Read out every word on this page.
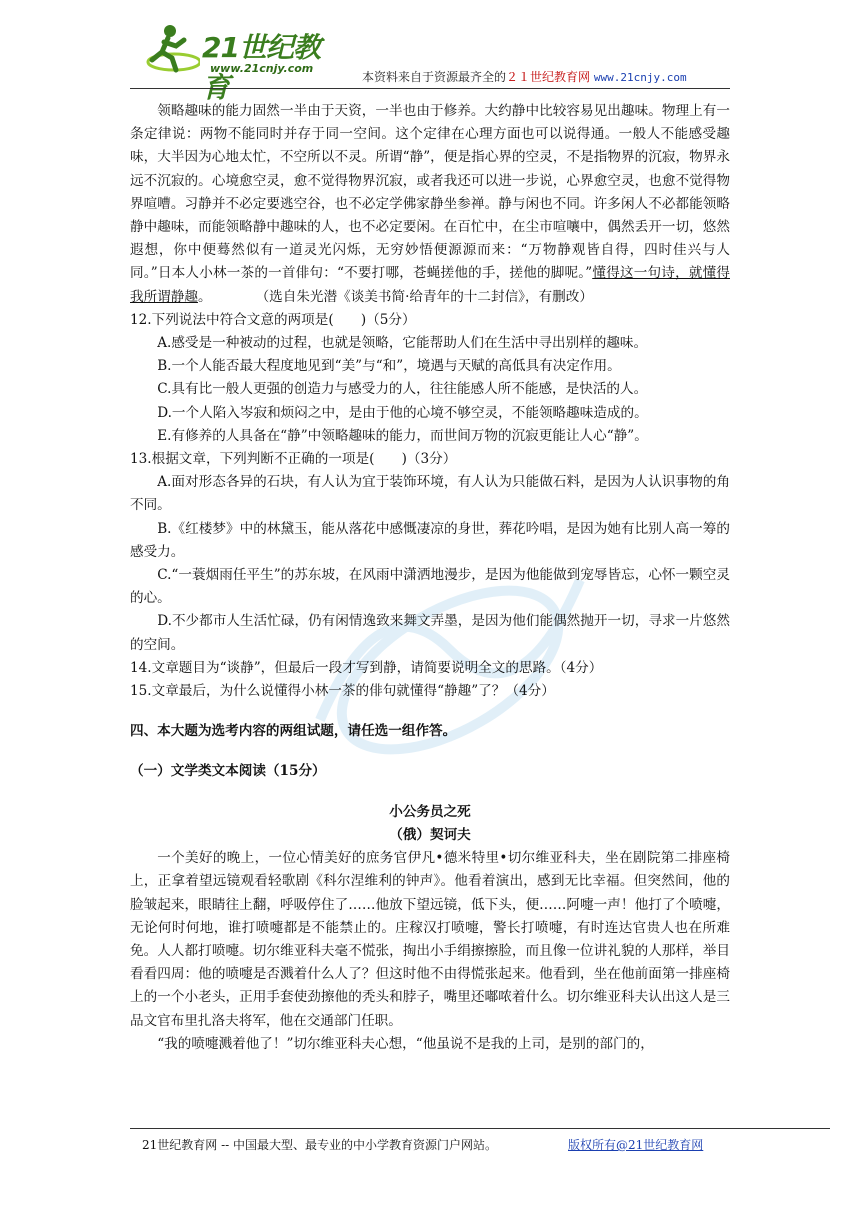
21世纪教育
www.21cnjy.com
本资料来自于资源最齐全的２１世纪教育网 www.21cnjy.com

领略趣味的能力固然一半由于天资，一半也由于修养。大约静中比较容易见出趣味。物理上有一条定律说：两物不能同时并存于同一空间。这个定律在心理方面也可以说得通。一般人不能感受趣味，大半因为心地太忙，不空所以不灵。所谓“静”，便是指心界的空灵，不是指物界的沉寂，物界永远不沉寂的。心境愈空灵，愈不觉得物界沉寂，或者我还可以进一步说，心界愈空灵，也愈不觉得物界喧嘈。习静并不必定要逃空谷，也不必定学佛家静坐参禅。静与闲也不同。许多闲人不必都能领略静中趣味，而能领略静中趣味的人，也不必定要闲。在百忙中，在尘市喧嚷中，偶然丢开一切，悠然遐想，你中便蓦然似有一道灵光闪烁，无穷妙悟便源源而来：“万物静观皆自得，四时佳兴与人同。”日本人小林一茶的一首俳句：“不要打哪，苍蝇搓他的手，搓他的脚呢。”懂得这一句诗，就懂得我所谓静趣。	（选自朱光潜《谈美书简·给青年的十二封信》，有删改）

12.下列说法中符合文意的两项是(　　)（5分）

A.感受是一种被动的过程，也就是领略，它能帮助人们在生活中寻出别样的趣味。

B.一个人能否最大程度地见到“美”与“和”，境遇与天赋的高低具有决定作用。

C.具有比一般人更强的创造力与感受力的人，往往能感人所不能感，是快活的人。

D.一个人陷入岑寂和烦闷之中，是由于他的心境不够空灵，不能领略趣味造成的。

E.有修养的人具备在“静”中领略趣味的能力，而世间万物的沉寂更能让人心“静”。

13.根据文章，下列判断不正确的一项是(　　)（3分）

A.面对形态各异的石块，有人认为宜于装饰环境，有人认为只能做石料，是因为人认识事物的角不同。

B.《红楼梦》中的林黛玉，能从落花中感慨凄凉的身世，葬花吟唱，是因为她有比别人高一筹的感受力。

C.“一蓑烟雨任平生”的苏东坡，在风雨中潇洒地漫步，是因为他能做到宠辱皆忘，心怀一颗空灵的心。

D.不少都市人生活忙碌，仍有闲情逸致来舞文弄墨，是因为他们能偶然抛开一切，寻求一片悠然的空间。

14.文章题目为“谈静”，但最后一段才写到静，请简要说明全文的思路。（4分）

15.文章最后，为什么说懂得小林一茶的俳句就懂得“静趣”了？（4分）

四、本大题为选考内容的两组试题，请任选一组作答。

（一）文学类文本阅读（15分）

小公务员之死

（俄）契诃夫

一个美好的晚上，一位心情美好的庶务官伊凡•德米特里•切尔维亚科夫，坐在剧院第二排座椅上，正拿着望远镜观看轻歌剧《科尔涅维利的钟声》。他看着演出，感到无比幸福。但突然间，他的脸皱起来，眼睛往上翻，呼吸停住了……他放下望远镜，低下头，便……阿嚏一声！他打了个喷嚏，无论何时何地，谁打喷嚏都是不能禁止的。庄稼汉打喷嚏，警长打喷嚏，有时连达官贵人也在所难免。人人都打喷嚏。切尔维亚科夫毫不慌张，掏出小手绢擦擦脸，而且像一位讲礼貌的人那样，举目看看四周：他的喷嚏是否溅着什么人了？但这时他不由得慌张起来。他看到，坐在他前面第一排座椅上的一个小老头，正用手套使劲擦他的秃头和脖子，嘴里还嘟哝着什么。切尔维亚科夫认出这人是三品文官布里扎洛夫将军，他在交通部门任职。

“我的喷嚏溅着他了！”切尔维亚科夫心想，“他虽说不是我的上司，是别的部门的，

21世纪教育网 -- 中国最大型、最专业的中小学教育资源门户网站。	版权所有@21世纪教育网
